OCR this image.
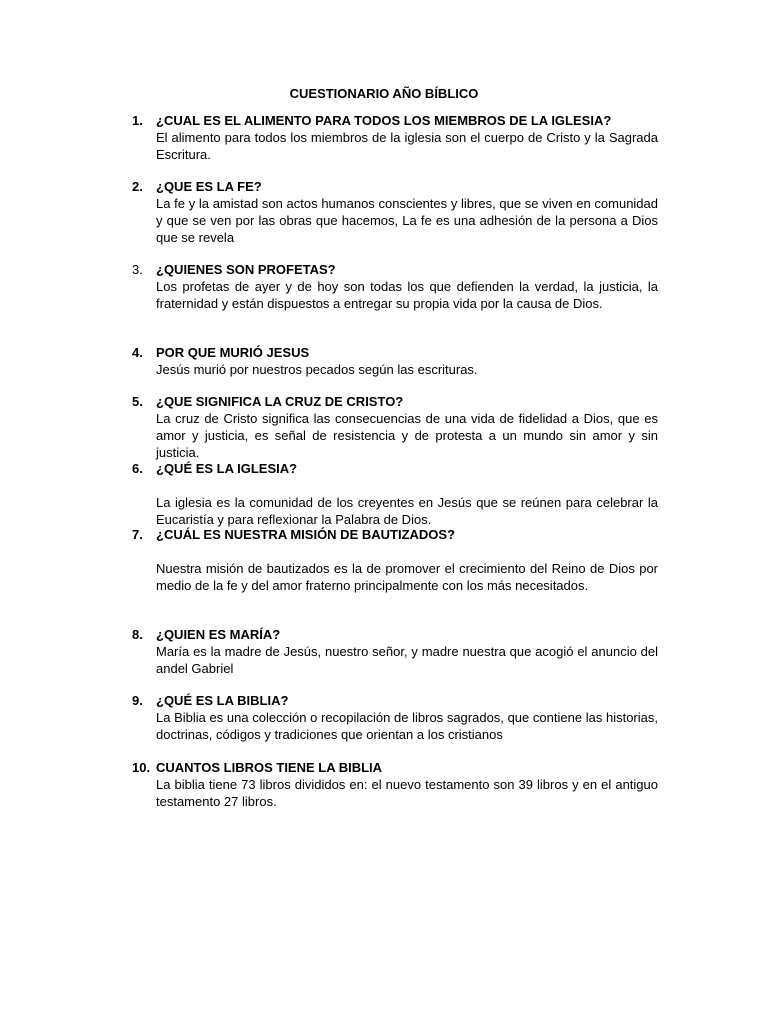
CUESTIONARIO AÑO BÍBLICO
1.	¿CUAL ES EL ALIMENTO PARA TODOS LOS MIEMBROS DE LA IGLESIA?
El alimento para todos los miembros de la iglesia son el cuerpo de Cristo y la Sagrada Escritura.
2.	¿QUE ES LA FE?
La fe y la amistad son actos humanos conscientes y libres, que se viven en comunidad y que se ven por las obras que hacemos, La fe es una adhesión de la persona a Dios que se revela
3.	¿QUIENES SON PROFETAS?
Los profetas de ayer y de hoy son todas los que defienden la verdad, la justicia, la fraternidad y están dispuestos a entregar su propia vida por la causa de Dios.
4.	POR QUE MURIÓ JESUS
Jesús murió por nuestros pecados según las escrituras.
5.	¿QUE SIGNIFICA LA CRUZ DE CRISTO?
La cruz de Cristo significa las consecuencias de una vida de fidelidad a Dios, que es amor y justicia, es señal de resistencia y de protesta a un mundo sin amor y sin justicia.
6.	¿QUÉ ES LA IGLESIA?
La iglesia es la comunidad de los creyentes en Jesús que se reúnen para celebrar la Eucaristía y para reflexionar la Palabra de Dios.
7.	¿CUÁL ES NUESTRA MISIÓN DE BAUTIZADOS?
Nuestra misión de bautizados es la de promover el crecimiento del Reino de Dios por medio de la fe y del amor fraterno principalmente con los más necesitados.
8.	¿QUIEN ES MARÍA?
María es la madre de Jesús, nuestro señor, y madre nuestra que acogió el anuncio del andel Gabriel
9.	¿QUÉ ES LA BIBLIA?
La Biblia es una colección o recopilación de libros sagrados, que contiene las historias, doctrinas, códigos y tradiciones que orientan a los cristianos
10. CUANTOS LIBROS TIENE LA BIBLIA
La biblia tiene 73 libros divididos en: el nuevo testamento son 39 libros y en el antiguo testamento 27 libros.
